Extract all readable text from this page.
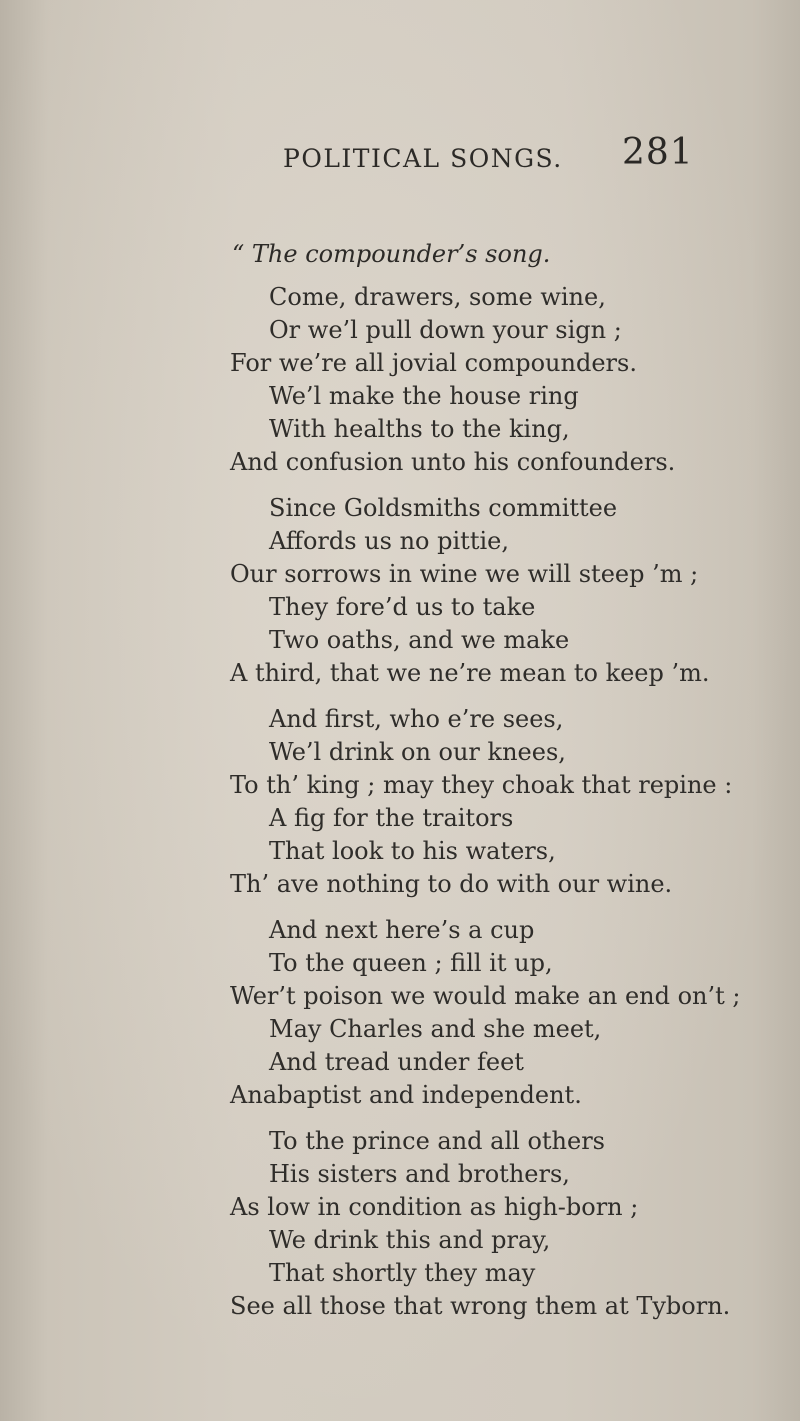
POLITICAL SONGS. 281
“ The compounder’s song.
Come, drawers, some wine,
Or we’l pull down your sign ;
For we’re all jovial compounders.
We’l make the house ring
With healths to the king,
And confusion unto his confounders.
Since Goldsmiths committee
Affords us no pittie,
Our sorrows in wine we will steep ’m ;
They fore’d us to take
Two oaths, and we make
A third, that we ne’re mean to keep ’m.
And first, who e’re sees,
We’l drink on our knees,
To th’ king ; may they choak that repine :
A fig for the traitors
That look to his waters,
Th’ ave nothing to do with our wine.
And next here’s a cup
To the queen ; fill it up,
Wer’t poison we would make an end on’t ;
May Charles and she meet,
And tread under feet
Anabaptist and independent.
To the prince and all others
His sisters and brothers,
As low in condition as high-born ;
We drink this and pray,
That shortly they may
See all those that wrong them at Tyborn.
